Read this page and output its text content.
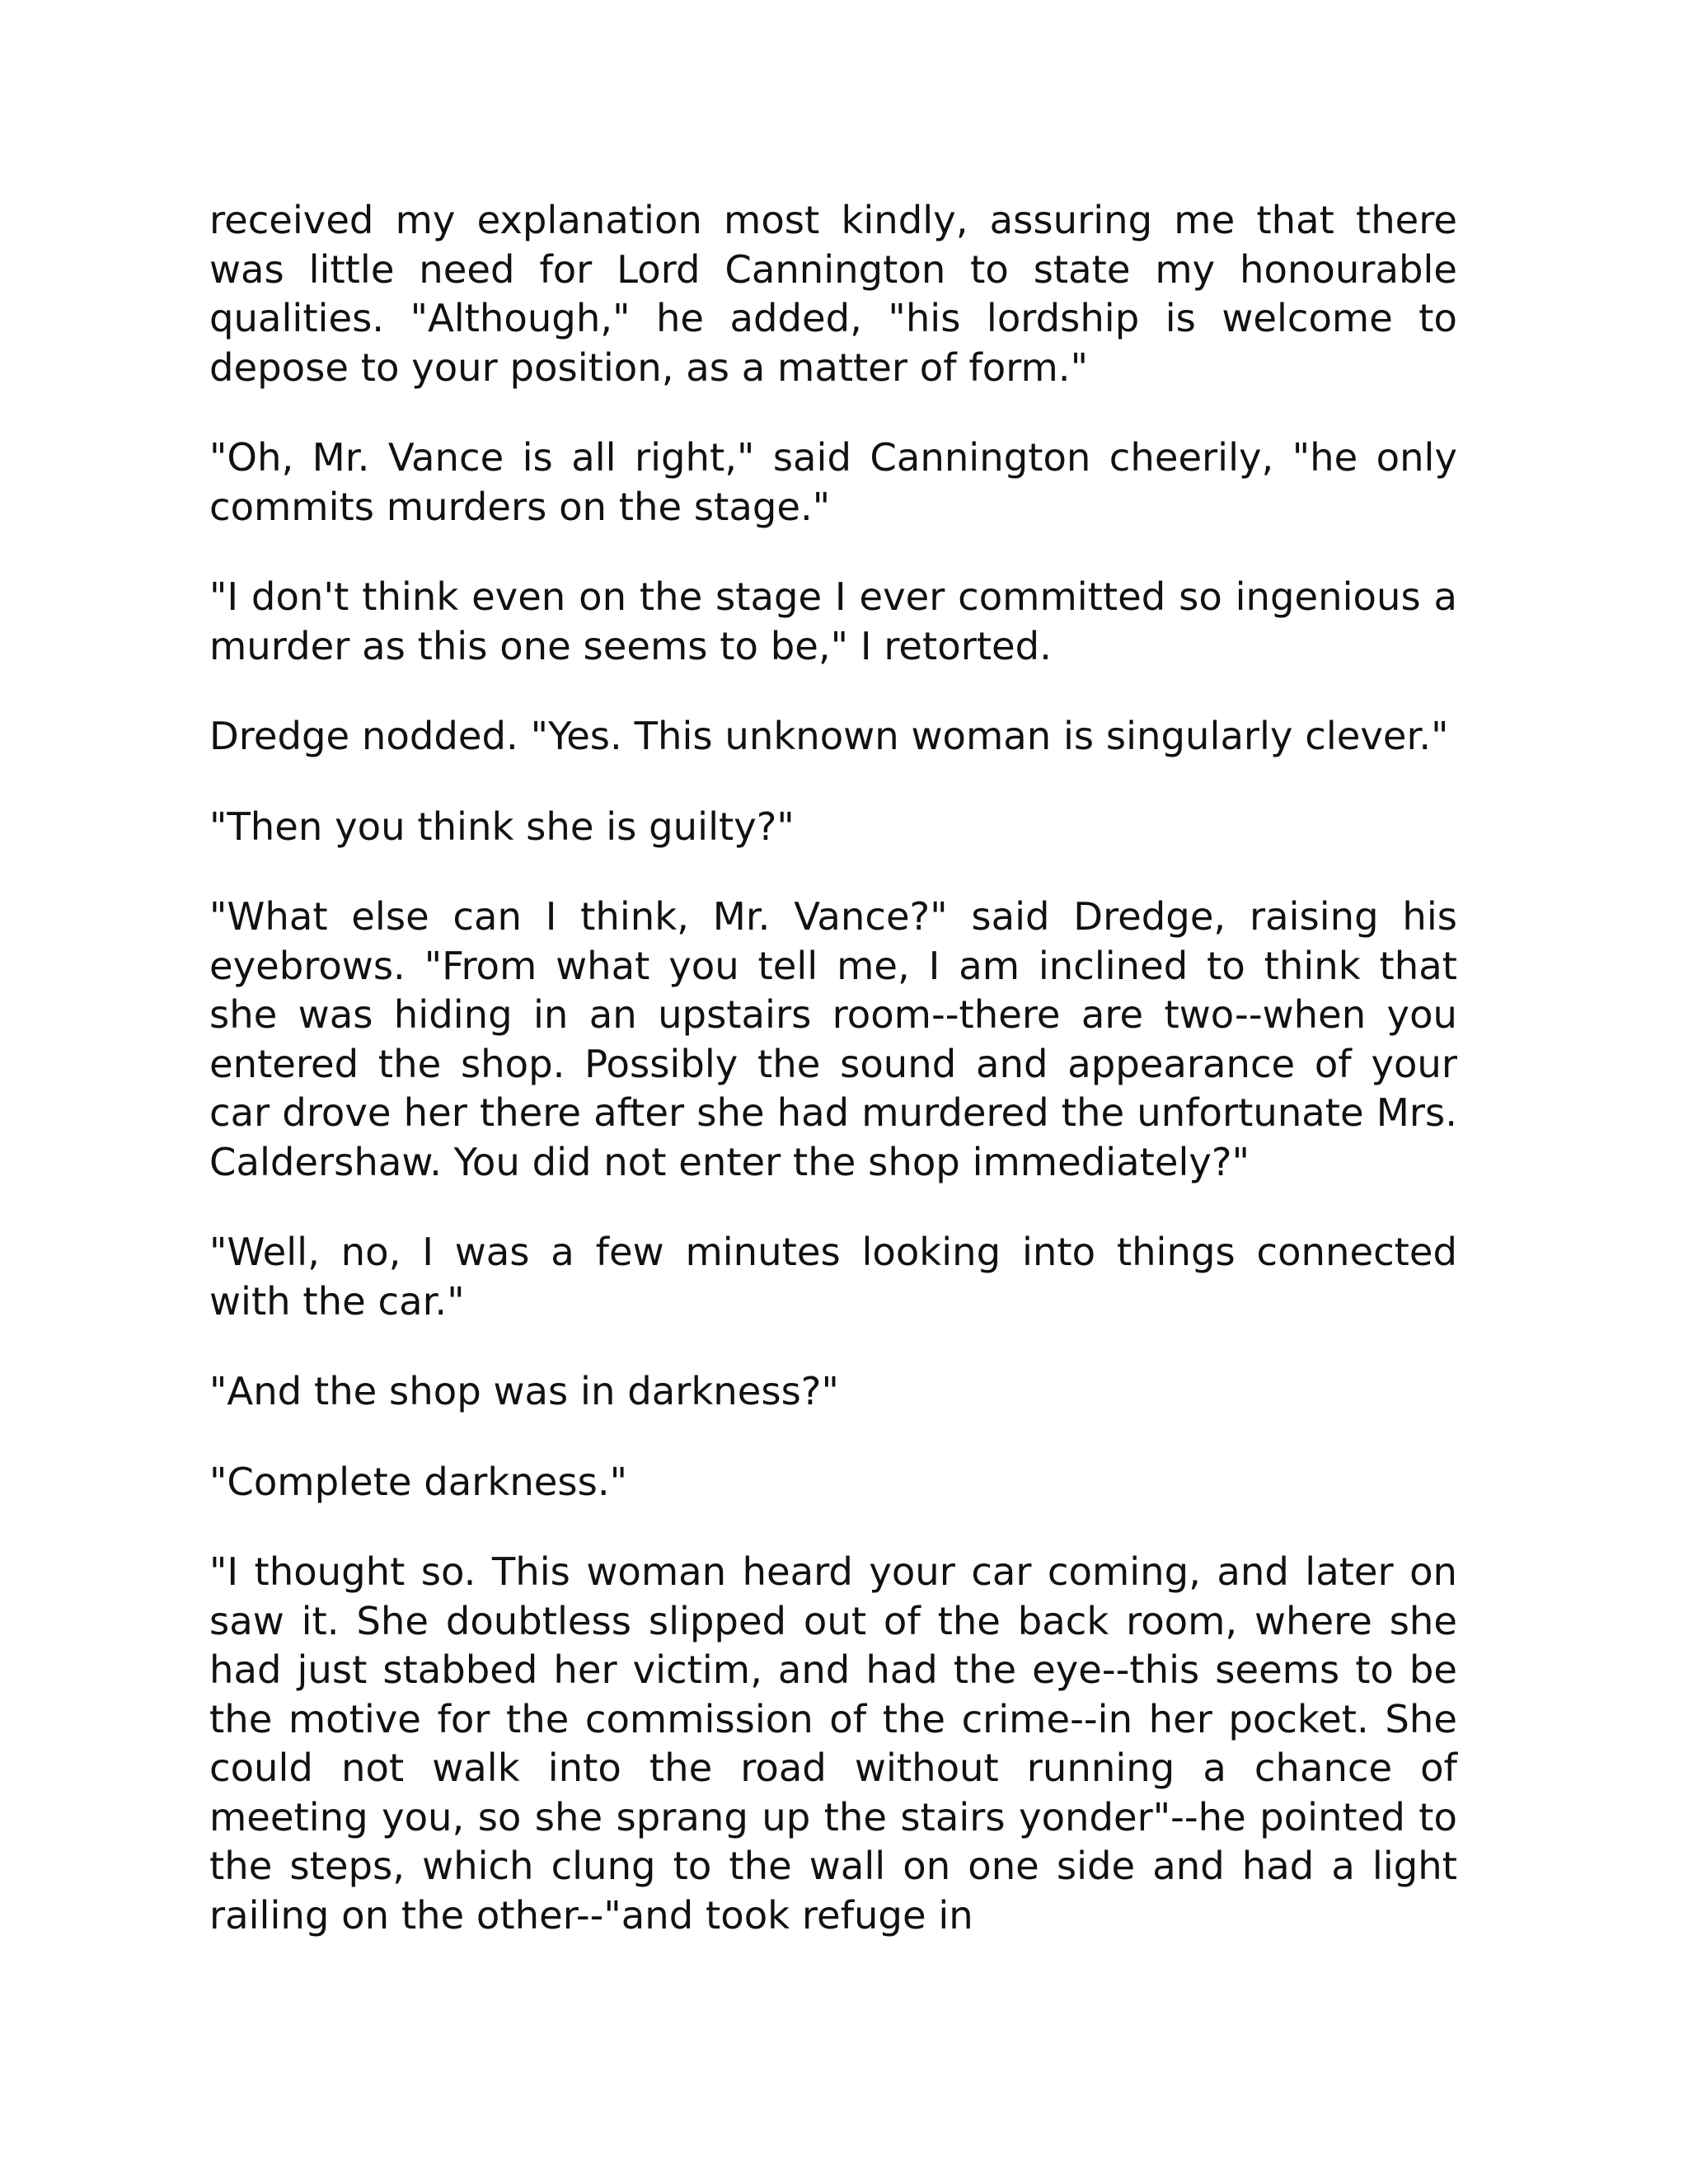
received my explanation most kindly, assuring me that there was little need for Lord Cannington to state my honourable qualities. "Although," he added, "his lordship is welcome to depose to your position, as a matter of form."

"Oh, Mr. Vance is all right," said Cannington cheerily, "he only commits murders on the stage."

"I don't think even on the stage I ever committed so ingenious a murder as this one seems to be," I retorted.

Dredge nodded. "Yes. This unknown woman is singularly clever."

"Then you think she is guilty?"

"What else can I think, Mr. Vance?" said Dredge, raising his eyebrows. "From what you tell me, I am inclined to think that she was hiding in an upstairs room--there are two--when you entered the shop. Possibly the sound and appearance of your car drove her there after she had murdered the unfortunate Mrs. Caldershaw. You did not enter the shop immediately?"

"Well, no, I was a few minutes looking into things connected with the car."

"And the shop was in darkness?"

"Complete darkness."

"I thought so. This woman heard your car coming, and later on saw it. She doubtless slipped out of the back room, where she had just stabbed her victim, and had the eye--this seems to be the motive for the commission of the crime--in her pocket. She could not walk into the road without running a chance of meeting you, so she sprang up the stairs yonder"--he pointed to the steps, which clung to the wall on one side and had a light railing on the other--"and took refuge in
